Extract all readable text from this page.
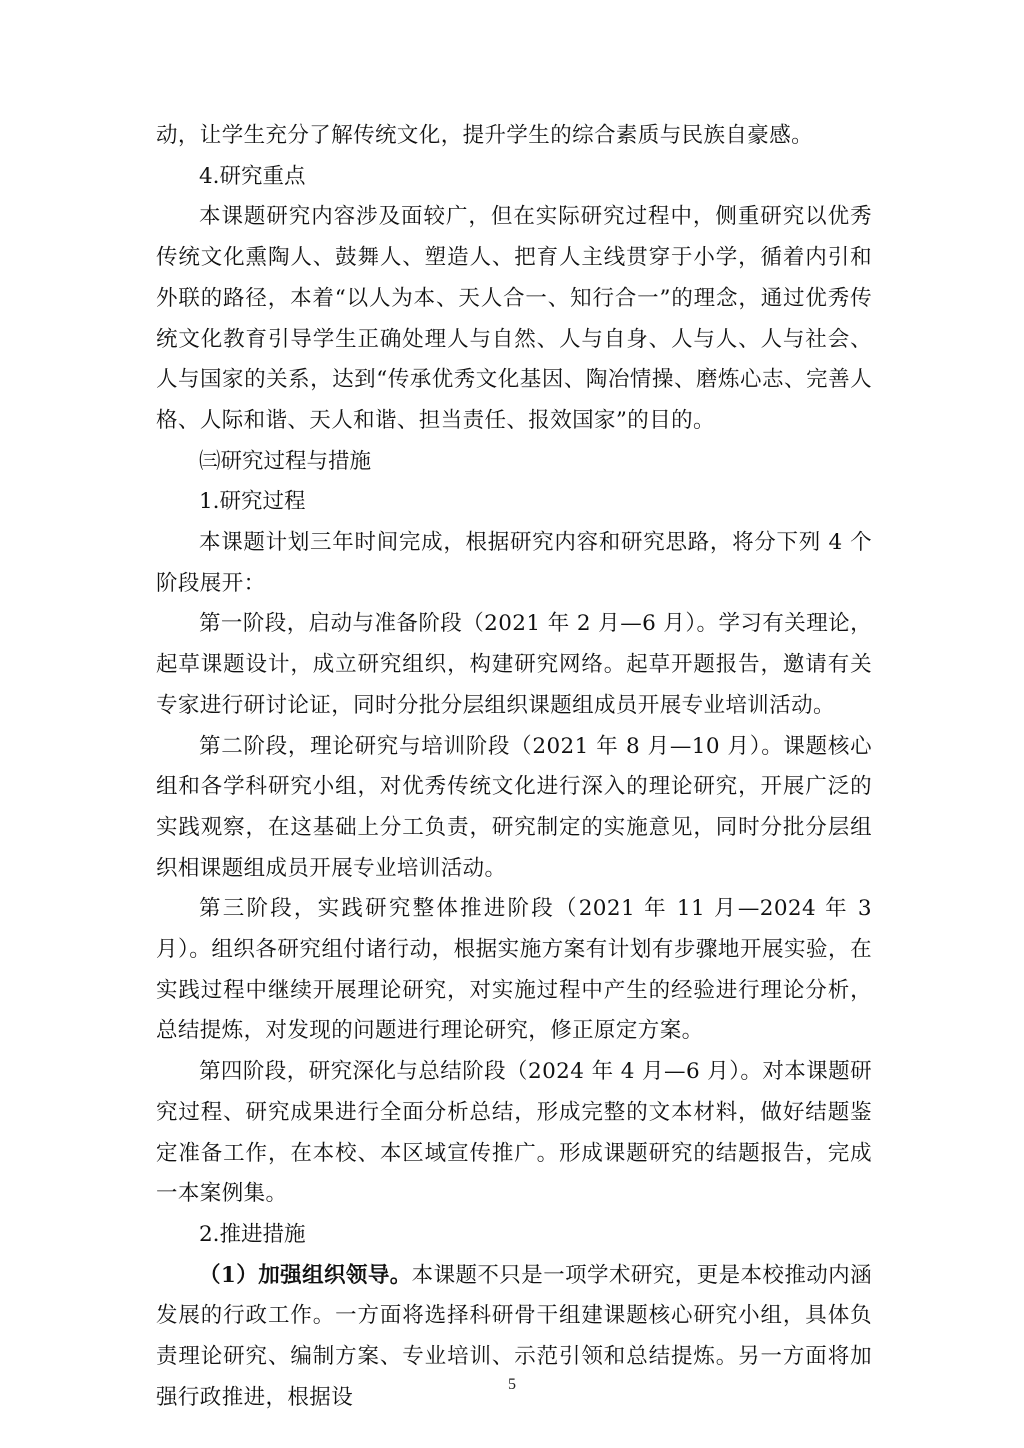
动，让学生充分了解传统文化，提升学生的综合素质与民族自豪感。

4.研究重点

本课题研究内容涉及面较广，但在实际研究过程中，侧重研究以优秀传统文化熏陶人、鼓舞人、塑造人、把育人主线贯穿于小学，循着内引和外联的路径，本着“以人为本、天人合一、知行合一”的理念，通过优秀传统文化教育引导学生正确处理人与自然、人与自身、人与人、人与社会、人与国家的关系，达到“传承优秀文化基因、陶冶情操、磨炼心志、完善人格、人际和谐、天人和谐、担当责任、报效国家”的目的。

㈢研究过程与措施

1.研究过程

本课题计划三年时间完成，根据研究内容和研究思路，将分下列 4 个阶段展开：

第一阶段，启动与准备阶段（2021 年 2 月—6 月）。学习有关理论，起草课题设计，成立研究组织，构建研究网络。起草开题报告，邀请有关专家进行研讨论证，同时分批分层组织课题组成员开展专业培训活动。

第二阶段，理论研究与培训阶段（2021 年 8 月—10 月）。课题核心组和各学科研究小组，对优秀传统文化进行深入的理论研究，开展广泛的实践观察，在这基础上分工负责，研究制定的实施意见，同时分批分层组织相课题组成员开展专业培训活动。

第三阶段，实践研究整体推进阶段（2021 年 11 月—2024 年 3 月）。组织各研究组付诸行动，根据实施方案有计划有步骤地开展实验，在实践过程中继续开展理论研究，对实施过程中产生的经验进行理论分析，总结提炼，对发现的问题进行理论研究，修正原定方案。

第四阶段，研究深化与总结阶段（2024 年 4 月—6 月）。对本课题研究过程、研究成果进行全面分析总结，形成完整的文本材料，做好结题鉴定准备工作，在本校、本区域宣传推广。形成课题研究的结题报告，完成一本案例集。

2.推进措施

（1）加强组织领导。本课题不只是一项学术研究，更是本校推动内涵发展的行政工作。一方面将选择科研骨干组建课题核心研究小组，具体负责理论研究、编制方案、专业培训、示范引领和总结提炼。另一方面将加强行政推进，根据设

5
